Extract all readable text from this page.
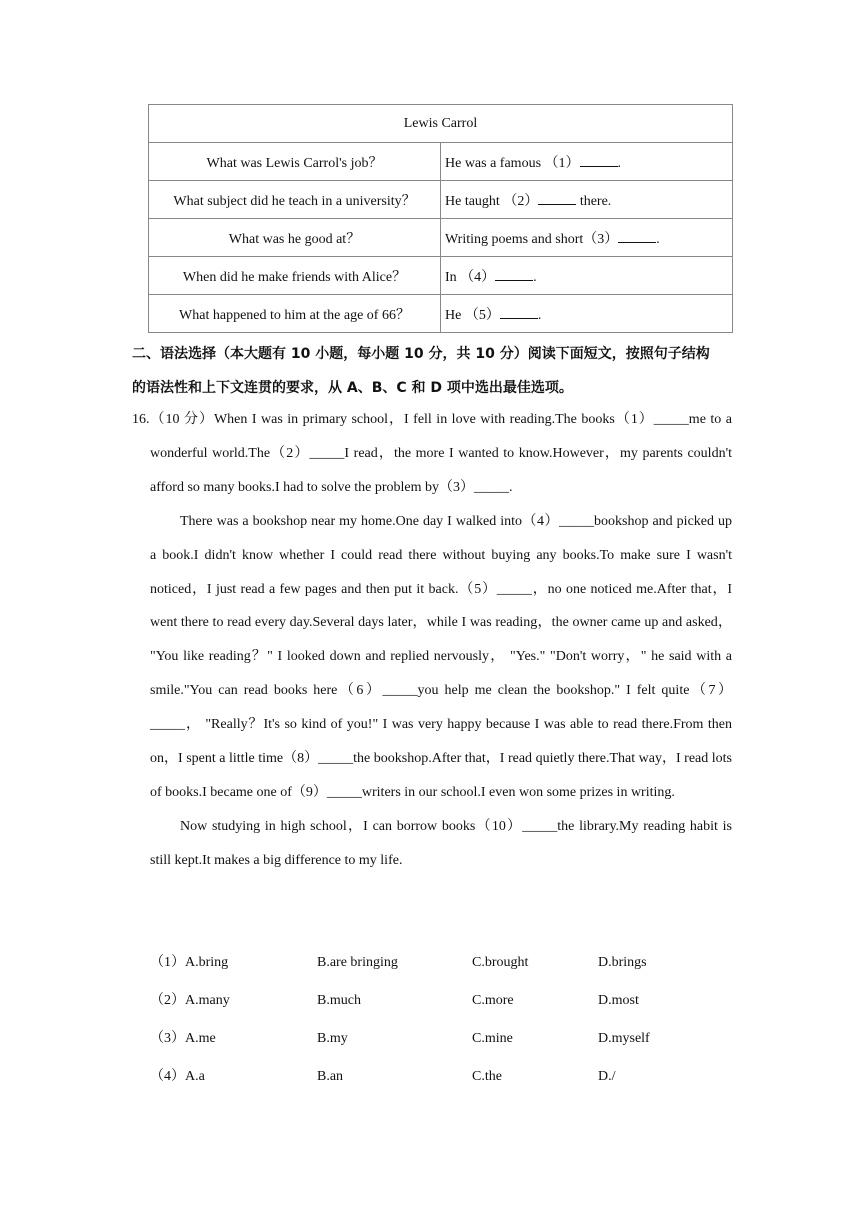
Lewis Carrol	
What was Lewis Carrol's job？	He was a famous （1） .
What subject did he teach in a university？	He taught （2） there.
What was he good at？	Writing poems and short（3） .
When did he make friends with Alice？	In （4） .
What happened to him at the age of 66？	He （5） .
二、语法选择（本大题有 10 小题，每小题 10 分，共 10 分）阅读下面短文，按照句子结构
的语法性和上下文连贯的要求，从 A、B、C 和 D 项中选出最佳选项。
16.（10 分）When I was in primary school，I fell in love with reading.The books（1）_____me to a wonderful world.The（2）_____I read，the more I wanted to know.However，my parents couldn't afford so many books.I had to solve the problem by（3）_____.
There was a bookshop near my home.One day I walked into（4）_____bookshop and picked up a book.I didn't know whether I could read there without buying any books.To make sure I wasn't noticed，I just read a few pages and then put it back.（5）_____，no one noticed me.After that，I went there to read every day.Several days later，while I was reading，the owner came up and asked， "You like reading？" I looked down and replied nervously， "Yes." "Don't worry，" he said with a smile."You can read books here（6）_____you help me clean the bookshop." I felt quite（7）_____， "Really？It's so kind of you!" I was very happy because I was able to read there.From then on，I spent a little time（8）_____the bookshop.After that，I read quietly there.That way，I read lots of books.I became one of（9）_____writers in our school.I even won some prizes in writing.
Now studying in high school，I can borrow books（10）_____the library.My reading habit is still kept.It makes a big difference to my life.
（1）A.bring	B.are bringing	C.brought	D.brings
（2）A.many	B.much	C.more	D.most
（3）A.me	B.my	C.mine	D.myself
（4）A.a	B.an	C.the	D./
